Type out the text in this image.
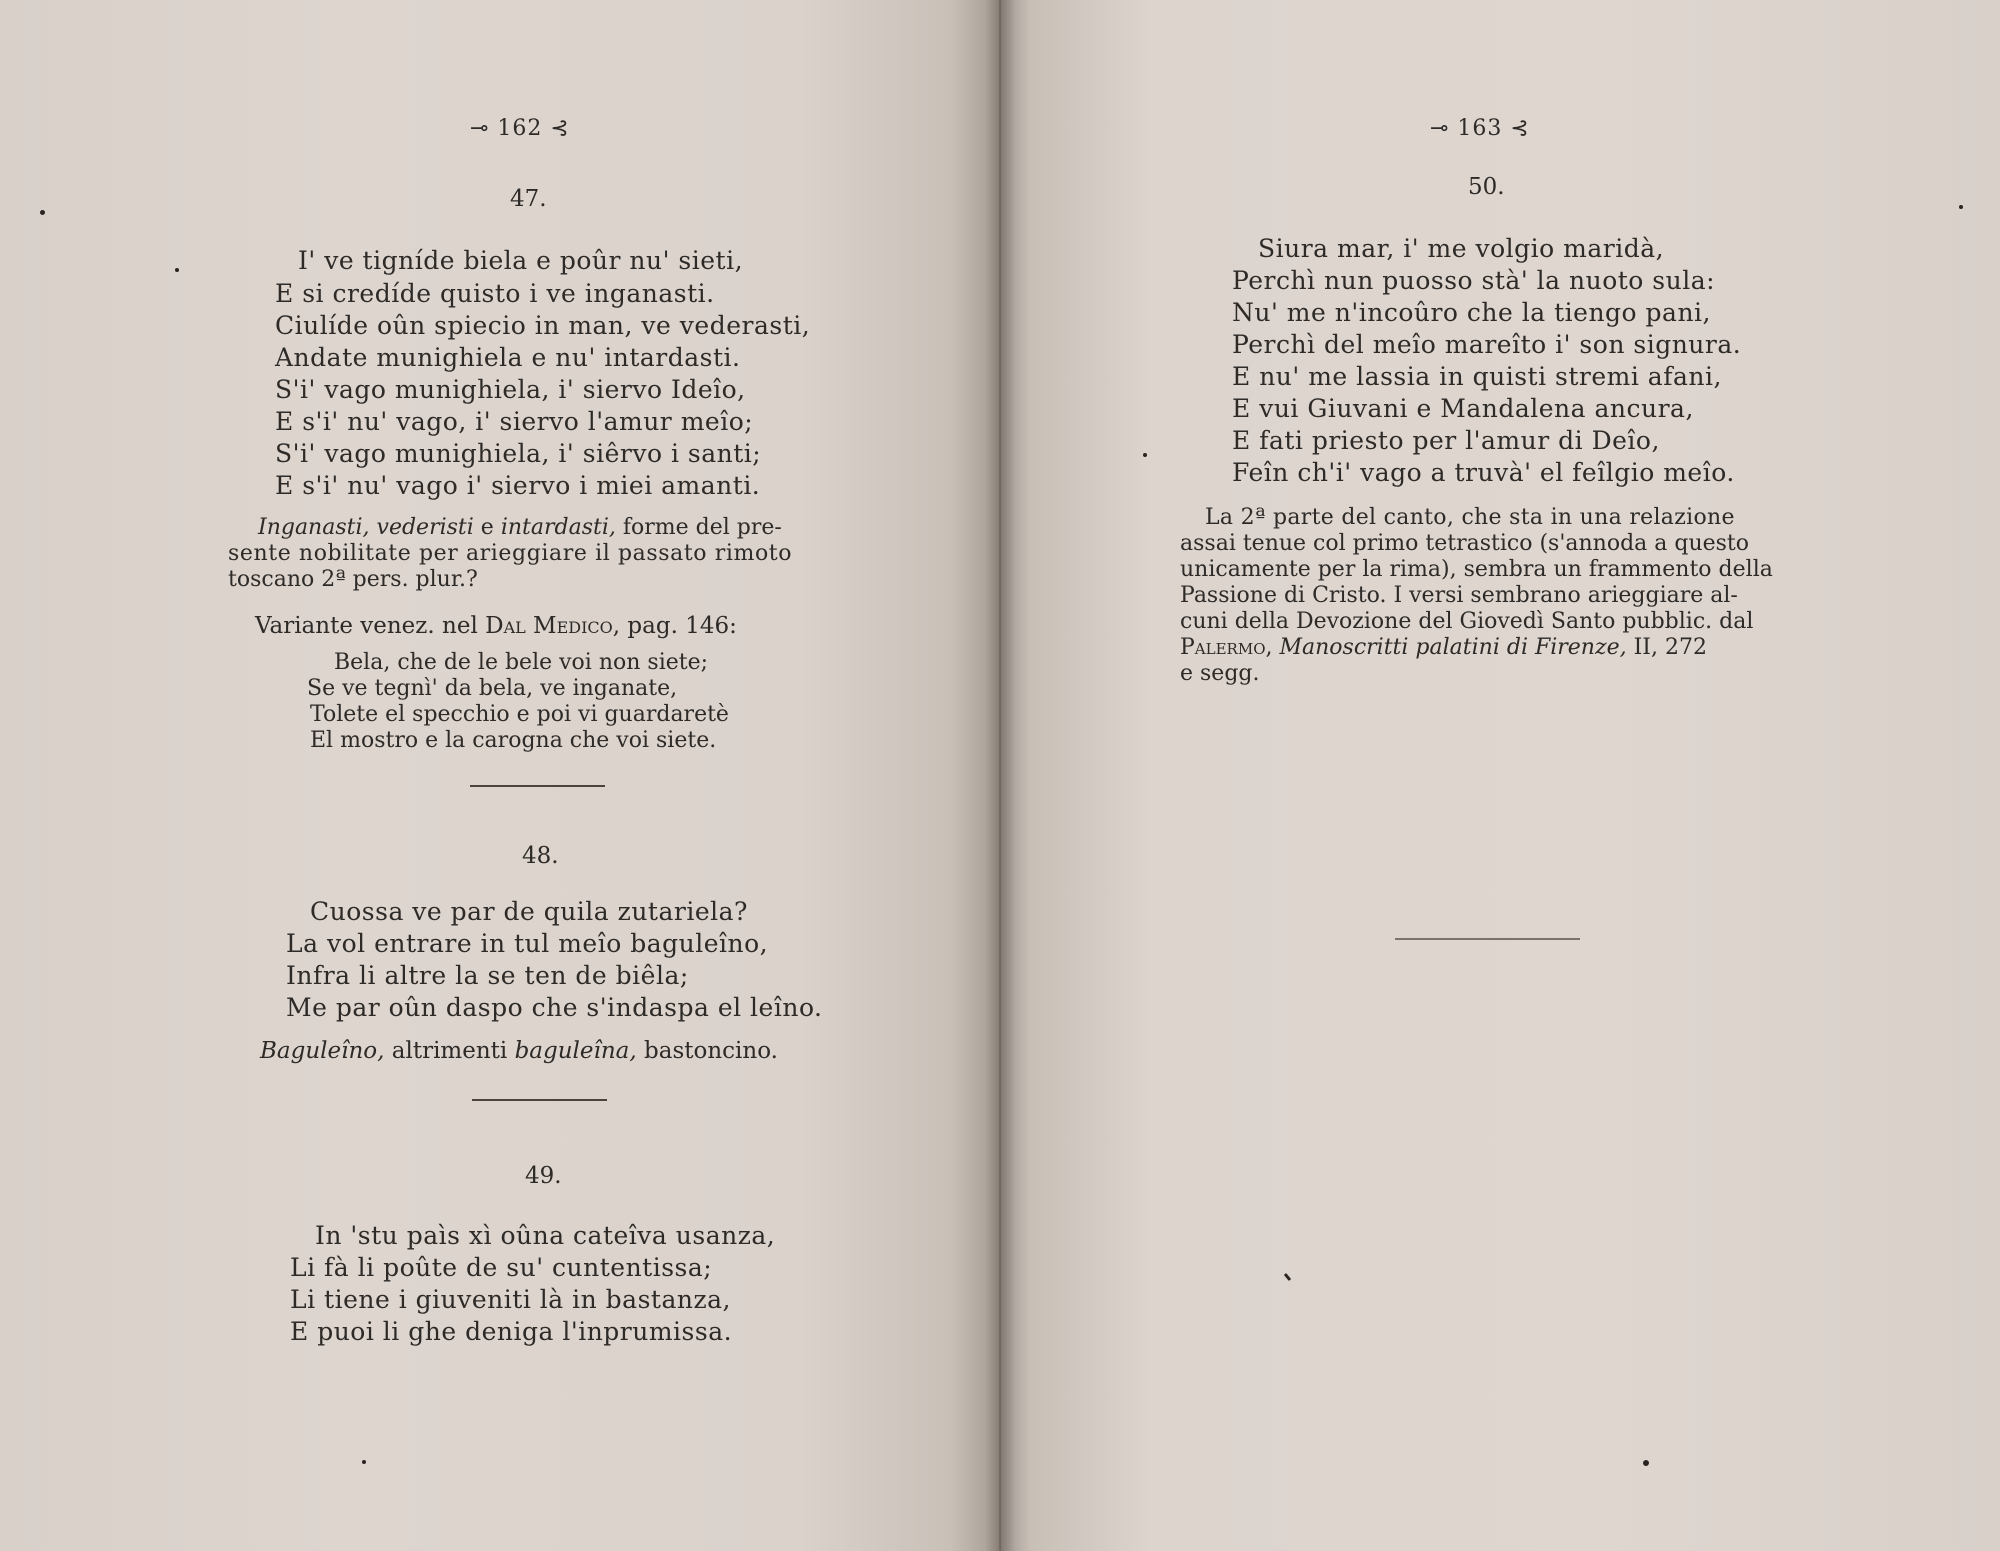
⊸ 162 ⊰
47.
I' ve tigníde biela e poûr nu' sieti,
E si credíde quisto i ve inganasti.
Ciulíde oûn spiecio in man, ve vederasti,
Andate munighiela e nu' intardasti.
S'i' vago munighiela, i' siervo Ideîo,
E s'i' nu' vago, i' siervo l'amur meîo;
S'i' vago munighiela, i' siêrvo i santi;
E s'i' nu' vago i' siervo i miei amanti.
Inganasti, vederisti e intardasti, forme del pre-
sente nobilitate per arieggiare il passato rimoto
toscano 2ª pers. plur.?
Variante venez. nel Dal Medico, pag. 146:
Bela, che de le bele voi non siete;
Se ve tegnì' da bela, ve inganate,
Tolete el specchio e poi vi guardaretè
El mostro e la carogna che voi siete.
48.
Cuossa ve par de quila zutariela?
La vol entrare in tul meîo baguleîno,
Infra li altre la se ten de biêla;
Me par oûn daspo che s'indaspa el leîno.
Baguleîno, altrimenti baguleîna, bastoncino.
49.
In 'stu paìs xì oûna cateîva usanza,
Li fà li poûte de su' cuntentissa;
Li tiene i giuveniti là in bastanza,
E puoi li ghe deniga l'inprumissa.
⊸ 163 ⊰
50.
Siura mar, i' me volgio maridà,
Perchì nun puosso stà' la nuoto sula:
Nu' me n'incoûro che la tiengo pani,
Perchì del meîo mareîto i' son signura.
E nu' me lassia in quisti stremi afani,
E vui Giuvani e Mandalena ancura,
E fati priesto per l'amur di Deîo,
Feîn ch'i' vago a truvà' el feîlgio meîo.
La 2ª parte del canto, che sta in una relazione
assai tenue col primo tetrastico (s'annoda a questo
unicamente per la rima), sembra un frammento della
Passione di Cristo. I versi sembrano arieggiare al-
cuni della Devozione del Giovedì Santo pubblic. dal
Palermo, Manoscritti palatini di Firenze, II, 272
e segg.
